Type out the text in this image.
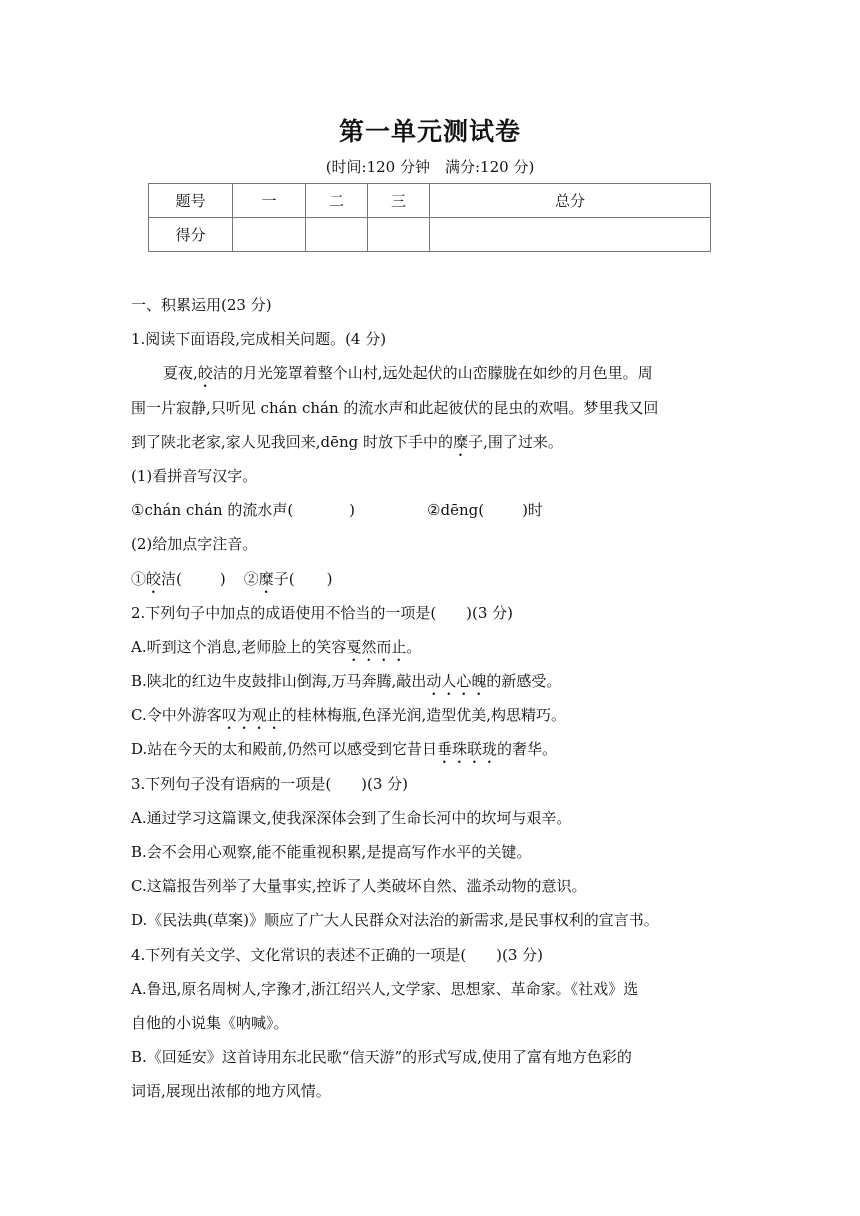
第一单元测试卷
(时间:120 分钟　满分:120 分)
题号	一	二	三	总分
得分				
一、积累运用(23 分)
1.阅读下面语段,完成相关问题。(4 分)
夏夜,皎洁的月光笼罩着整个山村,远处起伏的山峦朦胧在如纱的月色里。周
围一片寂静,只听见 chán chán 的流水声和此起彼伏的昆虫的欢唱。梦里我又回
到了陕北老家,家人见我回来,dēng 时放下手中的糜子,围了过来。
(1)看拼音写汉字。
①chán chán 的流水声(	)	②dēng(	)时
(2)给加点字注音。
①皎洁(	) ②糜子( )
2.下列句子中加点的成语使用不恰当的一项是(　　)(3 分)
A.听到这个消息,老师脸上的笑容戛然而止。
B.陕北的红边牛皮鼓排山倒海,万马奔腾,敲出动人心魄的新感受。
C.令中外游客叹为观止的桂林梅瓶,色泽光润,造型优美,构思精巧。
D.站在今天的太和殿前,仍然可以感受到它昔日垂珠联珑的奢华。
3.下列句子没有语病的一项是(　　)(3 分)
A.通过学习这篇课文,使我深深体会到了生命长河中的坎坷与艰辛。
B.会不会用心观察,能不能重视积累,是提高写作水平的关键。
C.这篇报告列举了大量事实,控诉了人类破坏自然、滥杀动物的意识。
D.《民法典(草案)》顺应了广大人民群众对法治的新需求,是民事权利的宣言书。
4.下列有关文学、文化常识的表述不正确的一项是(　　)(3 分)
A.鲁迅,原名周树人,字豫才,浙江绍兴人,文学家、思想家、革命家。《社戏》选
自他的小说集《呐喊》。
B.《回延安》这首诗用东北民歌“信天游”的形式写成,使用了富有地方色彩的
词语,展现出浓郁的地方风情。
